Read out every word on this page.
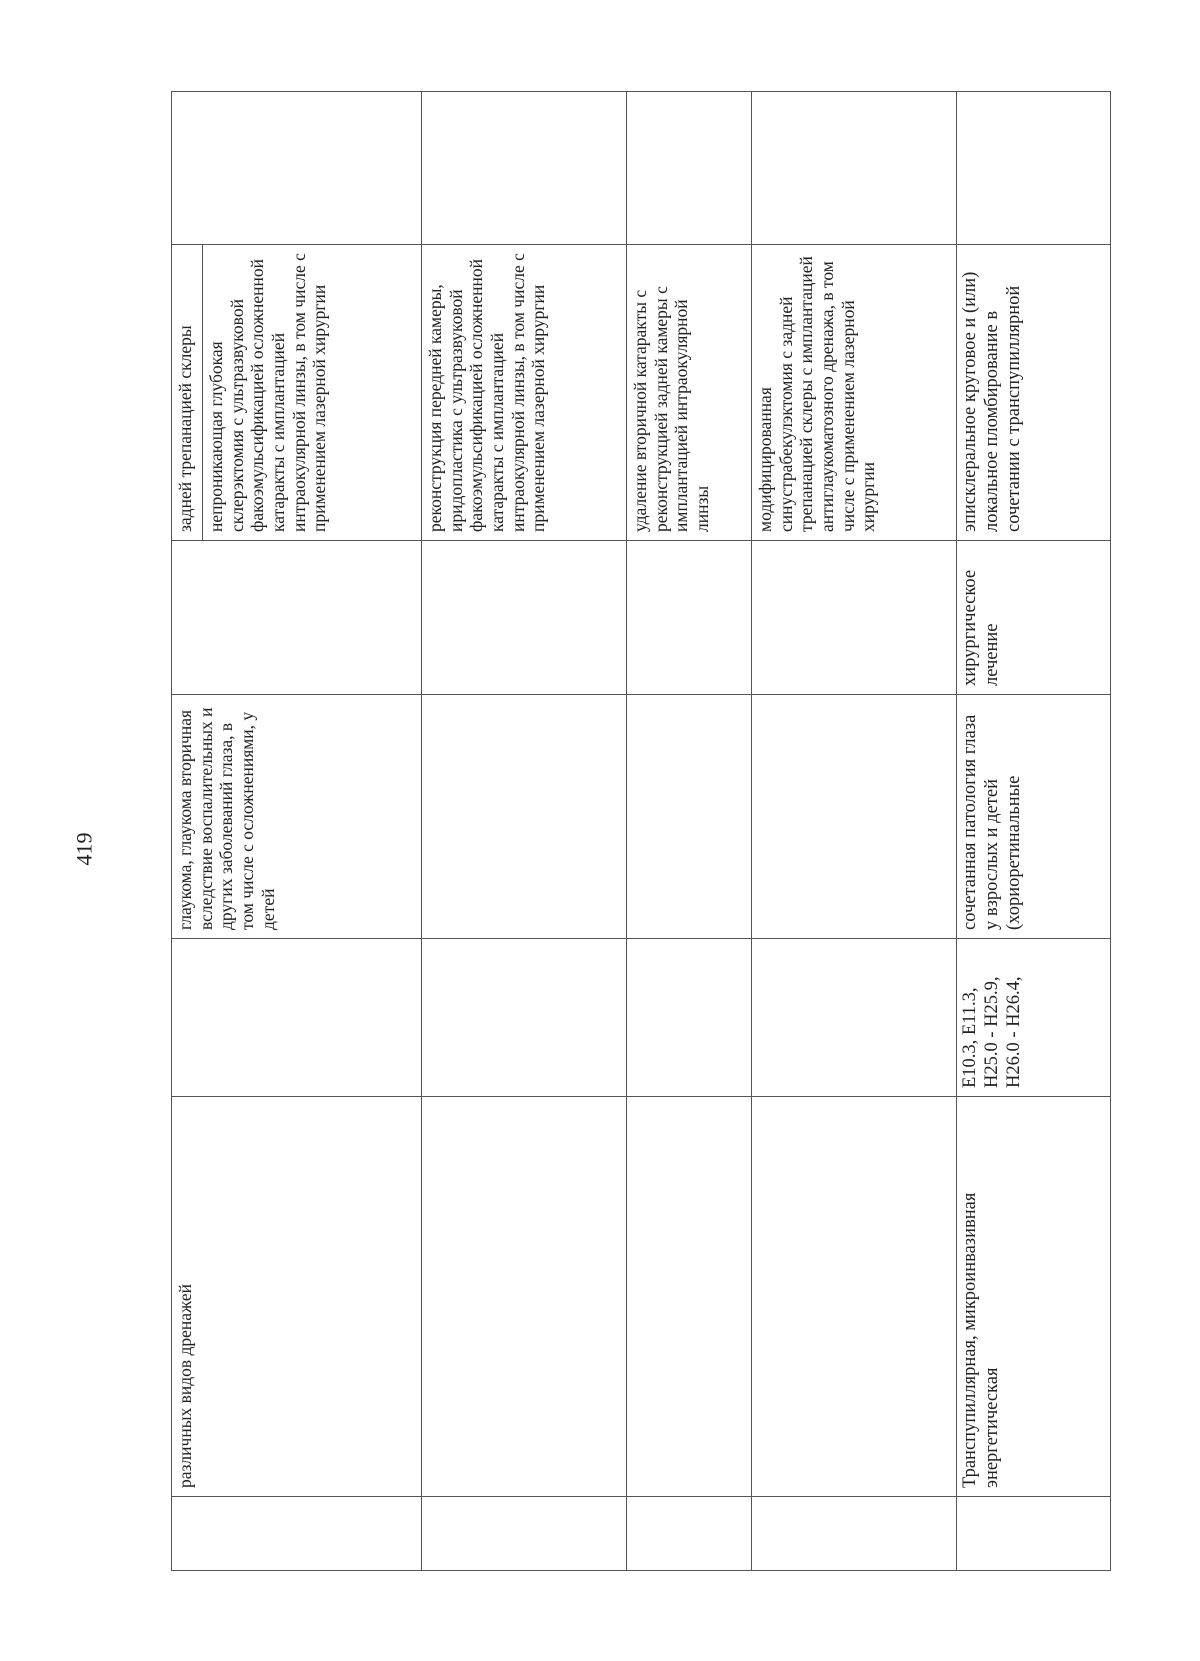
419
	различных видов дренажей		глаукома, глаукома вторичная вследствие воспалительных и других заболеваний глаза, в том числе с осложнениями, у детей		задней трепанацией склеры непроникающая глубокая склерэктомия с ультразвуковой факоэмульсификацией осложненной катаракты с имплантацией интраокулярной линзы, в том числе с применением лазерной хирургии	

					реконструкция передней камеры, иридопластика с ультразвуковой факоэмульсификацией осложненной катаракты с имплантацией интраокулярной линзы, в том числе с применением лазерной хирургии	
					удаление вторичной катаракты с реконструкцией задней камеры с имплантацией интраокулярной линзы	
					модифицированная синустрабекулэктомия с задней трепанацией склеры с имплантацией антиглаукоматозного дренажа, в том числе с применением лазерной хирургии	
	Транспупиллярная, микроинвазивная энергетическая	E10.3, E11.3, H25.0 - H25.9, H26.0 - H26.4,	сочетанная патология глаза у взрослых и детей (хориоретинальные	хирургическое лечение	эписклеральное круговое и (или) локальное пломбирование в сочетании с транспупиллярной	
